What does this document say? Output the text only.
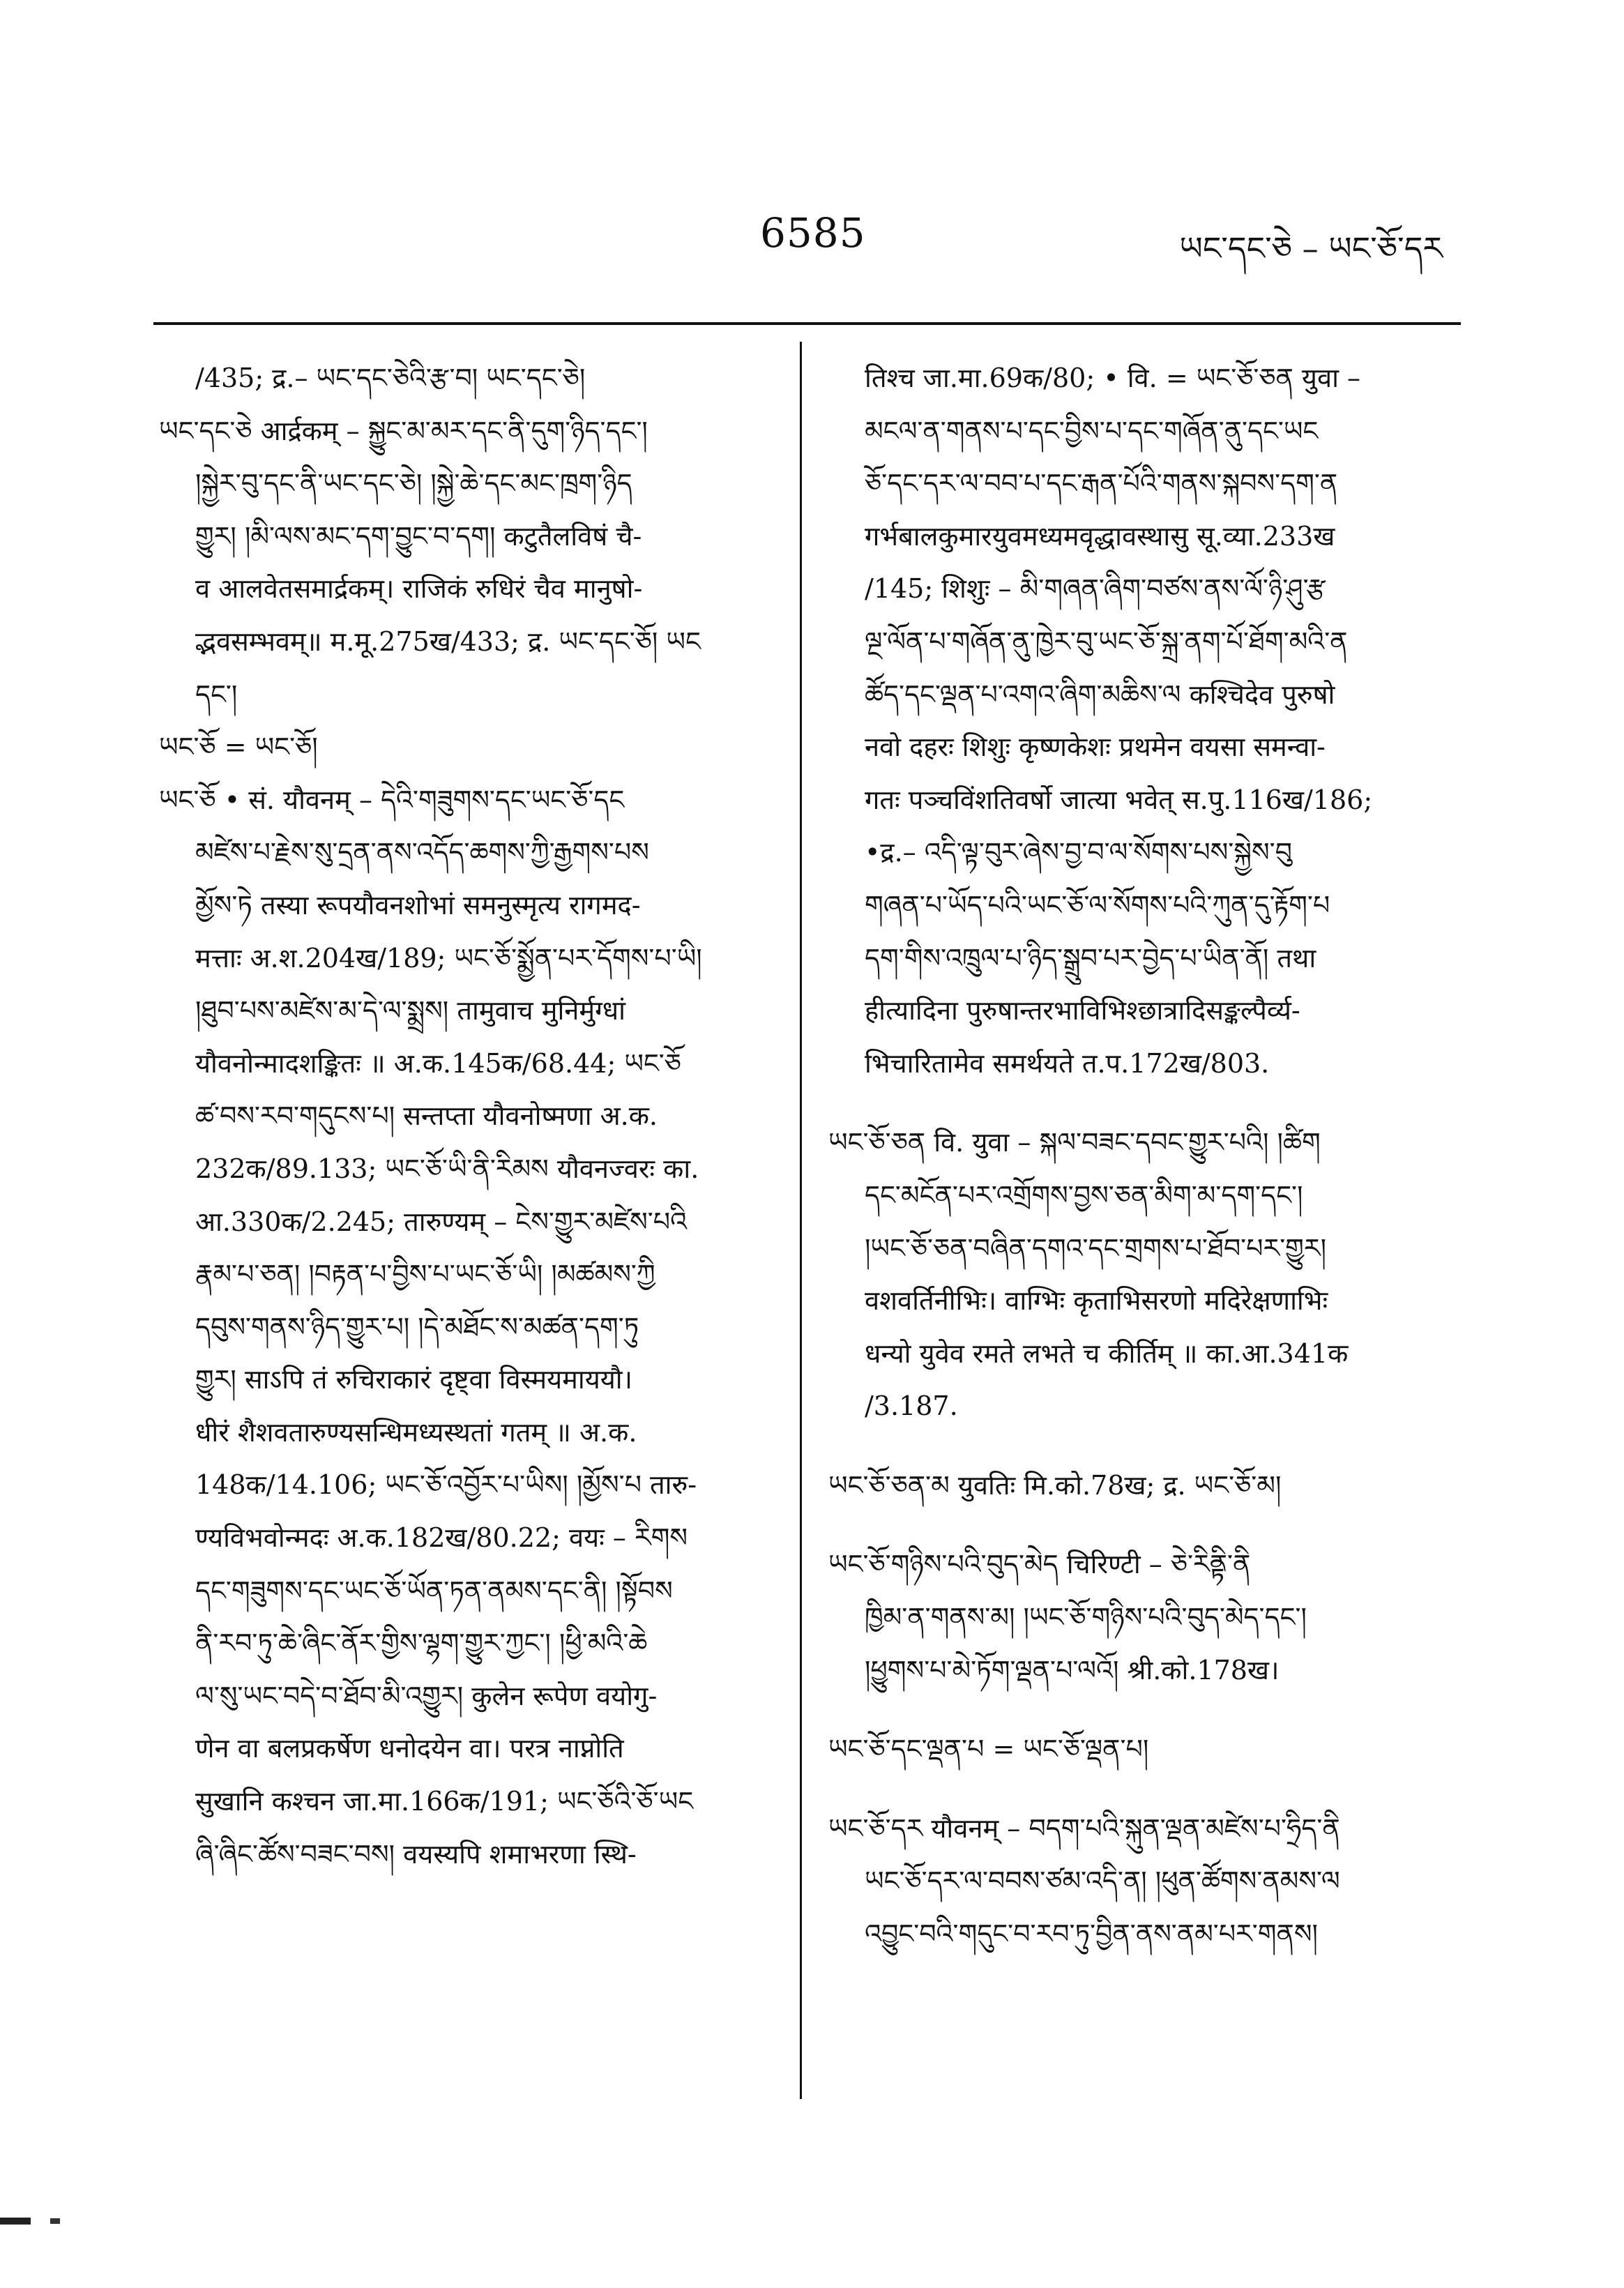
6585	ཡང་དང་ཅེ – ཡང་ཅོ་དར
/435; द्र.– ཡང་དང་ཅེའི་རྩ་བ། ཡང་དང་ཅེ།
ཡང་དང་ཅེ आर्द्रकम् – སྐྱུང་མ་མར་དང་ནི་དུག་ཉིད་དང་།
།སྐྱེར་བུ་དང་ནི་ཡང་དང་ཅེ། །སྐྱེ་ཆེ་དང་མང་ཁྲག་ཉིད
གྱུར། །མི་ལས་མང་དག་བྱུང་བ་དག། कटुतैलविषं चै-
व आलवेतसमार्द्रकम्। राजिकं रुधिरं चैव मानुषो-
द्भवसम्भवम्॥ म.मू.275ख/433; द्र. ཡང་དང་ཅོ། ཡང
དང་།
ཡང་ཅོ = ཡང་ཅོ།
ཡང་ཅོ • सं. यौवनम् – དེའི་གཟུགས་དང་ཡང་ཅོ་དང
མཛེས་པ་རྗེས་སུ་དྲན་ནས་འདོད་ཆགས་ཀྱི་རྒྱགས་པས
མྱོས་ཏེ तस्या रूपयौवनशोभां समनुस्मृत्य रागमद-
मत्ताः अ.श.204ख/189; ཡང་ཅོ་སྨྱོན་པར་དོགས་པ་ཡི།
།ཐུབ་པས་མཛེས་མ་དེ་ལ་སྨྲས། तामुवाच मुनिर्मुग्धां
यौवनोन्मादशङ्कितः ॥ अ.क.145क/68.44; ཡང་ཅོ
ཚ་བས་རབ་གདུངས་པ། सन्तप्ता यौवनोष्मणा अ.क.
232क/89.133; ཡང་ཅོ་ཡི་ནི་རིམས यौवनज्वरः का.
आ.330क/2.245; तारुण्यम् – ངེས་གྱུར་མཛེས་པའི
རྣམ་པ་ཅན། །བརྟན་པ་བྱིས་པ་ཡང་ཅོ་ཡི། །མཚམས་ཀྱི
དབུས་གནས་ཉིད་གྱུར་པ། །དེ་མཐོང་ས་མཚན་དག་ཏུ
གྱུར། साऽपि तं रुचिराकारं दृष्ट्वा विस्मयमाययौ।
धीरं शैशवतारुण्यसन्धिमध्यस्थतां गतम् ॥ अ.क.
148क/14.106; ཡང་ཅོ་འབྱོར་པ་ཡིས། །མྱོས་པ तारु-
ण्यविभवोन्मदः अ.क.182ख/80.22; वयः – རིགས
དང་གཟུགས་དང་ཡང་ཅོ་ཡོན་ཏན་ནམས་དང་ནི། །སྟོབས
ནི་རབ་ཏུ་ཆེ་ཞིང་ནོར་གྱིས་ལྷག་གྱུར་ཀྱང་། །ཕྱི་མའི་ཆེ
ལ་སུ་ཡང་བདེ་བ་ཐོབ་མི་འགྱུར། कुलेन रूपेण वयोगु-
णेन वा बलप्रकर्षेण धनोदयेन वा। परत्र नाप्नोति
सुखानि कश्चन जा.मा.166क/191; ཡང་ཅོའི་ཅོ་ཡང
ཞི་ཞིང་ཚོས་བཟང་བས། वयस्यपि शमाभरणा स्थि-
तिश्च जा.मा.69क/80; • वि. = ཡང་ཅོ་ཅན युवा –
མངལ་ན་གནས་པ་དང་བྱིས་པ་དང་གཞོན་ནུ་དང་ཡང
ཅོ་དང་དར་ལ་བབ་པ་དང་རྒན་པོའི་གནས་སྐབས་དག་ན
गर्भबालकुमारयुवमध्यमवृद्धावस्थासु सू.व्या.233ख
/145; शिशुः – མི་གཞན་ཞིག་བཙས་ནས་ལོ་ཉི་ཤུ་རྩ
ལྔ་ལོན་པ་གཞོན་ནུ་ཁྱེར་བུ་ཡང་ཅོ་སྐྲ་ནག་པོ་ཐོག་མའི་ན
ཚོད་དང་ལྡན་པ་འགའ་ཞིག་མཆིས་ལ कश्चिदेव पुरुषो
नवो दहरः शिशुः कृष्णकेशः प्रथमेन वयसा समन्वा-
गतः पञ्चविंशतिवर्षो जात्या भवेत् स.पु.116ख/186;
•द्र.– འདི་ལྟ་བུར་ཞེས་བྱ་བ་ལ་སོགས་པས་སྐྱེས་བུ
གཞན་པ་ཡོད་པའི་ཡང་ཅོ་ལ་སོགས་པའི་ཀུན་དུ་རྟོག་པ
དག་གིས་འཁྲུལ་པ་ཉིད་སྒྲུབ་པར་བྱེད་པ་ཡིན་ནོ། तथा
हीत्यादिना पुरुषान्तरभाविभिश्छात्रादिसङ्कल्पैर्व्य-
भिचारितामेव समर्थयते त.प.172ख/803.
ཡང་ཅོ་ཅན वि. युवा – སྐལ་བཟང་དབང་གྱུར་པའི། །ཚིག
དང་མངོན་པར་འགྲོགས་བྱས་ཅན་མིག་མ་དག་དང་།
།ཡང་ཅོ་ཅན་བཞིན་དགའ་དང་གྲགས་པ་ཐོབ་པར་གྱུར།
वशवर्तिनीभिः। वाग्भिः कृताभिसरणो मदिरेक्षणाभिः
धन्यो युवेव रमते लभते च कीर्तिम् ॥ का.आ.341क
/3.187.
ཡང་ཅོ་ཅན་མ युवतिः मि.को.78ख; द्र. ཡང་ཅོ་མ།
ཡང་ཅོ་གཉིས་པའི་བུད་མེད चिरिण्टी – ཅེ་རིནྟི་ནི
ཁྱིམ་ན་གནས་མ། །ཡང་ཅོ་གཉིས་པའི་བུད་མེད་དང་།
།ཕྱུགས་པ་མེ་ཏོག་ལྡན་པ་ལའོ། श्री.को.178ख।
ཡང་ཅོ་དང་ལྡན་པ = ཡང་ཅོ་ལྡན་པ།
ཡང་ཅོ་དར यौवनम् – བདག་པའི་སྐུན་ལྡན་མཛེས་པ་ཧྲིད་ནི
ཡང་ཅོ་དར་ལ་བབས་ཙམ་འདི་ན། །ཕུན་ཚོགས་ནམས་ལ
འབྱུང་བའི་གདུང་བ་རབ་ཏུ་བྱིན་ནས་ནམ་པར་གནས།
